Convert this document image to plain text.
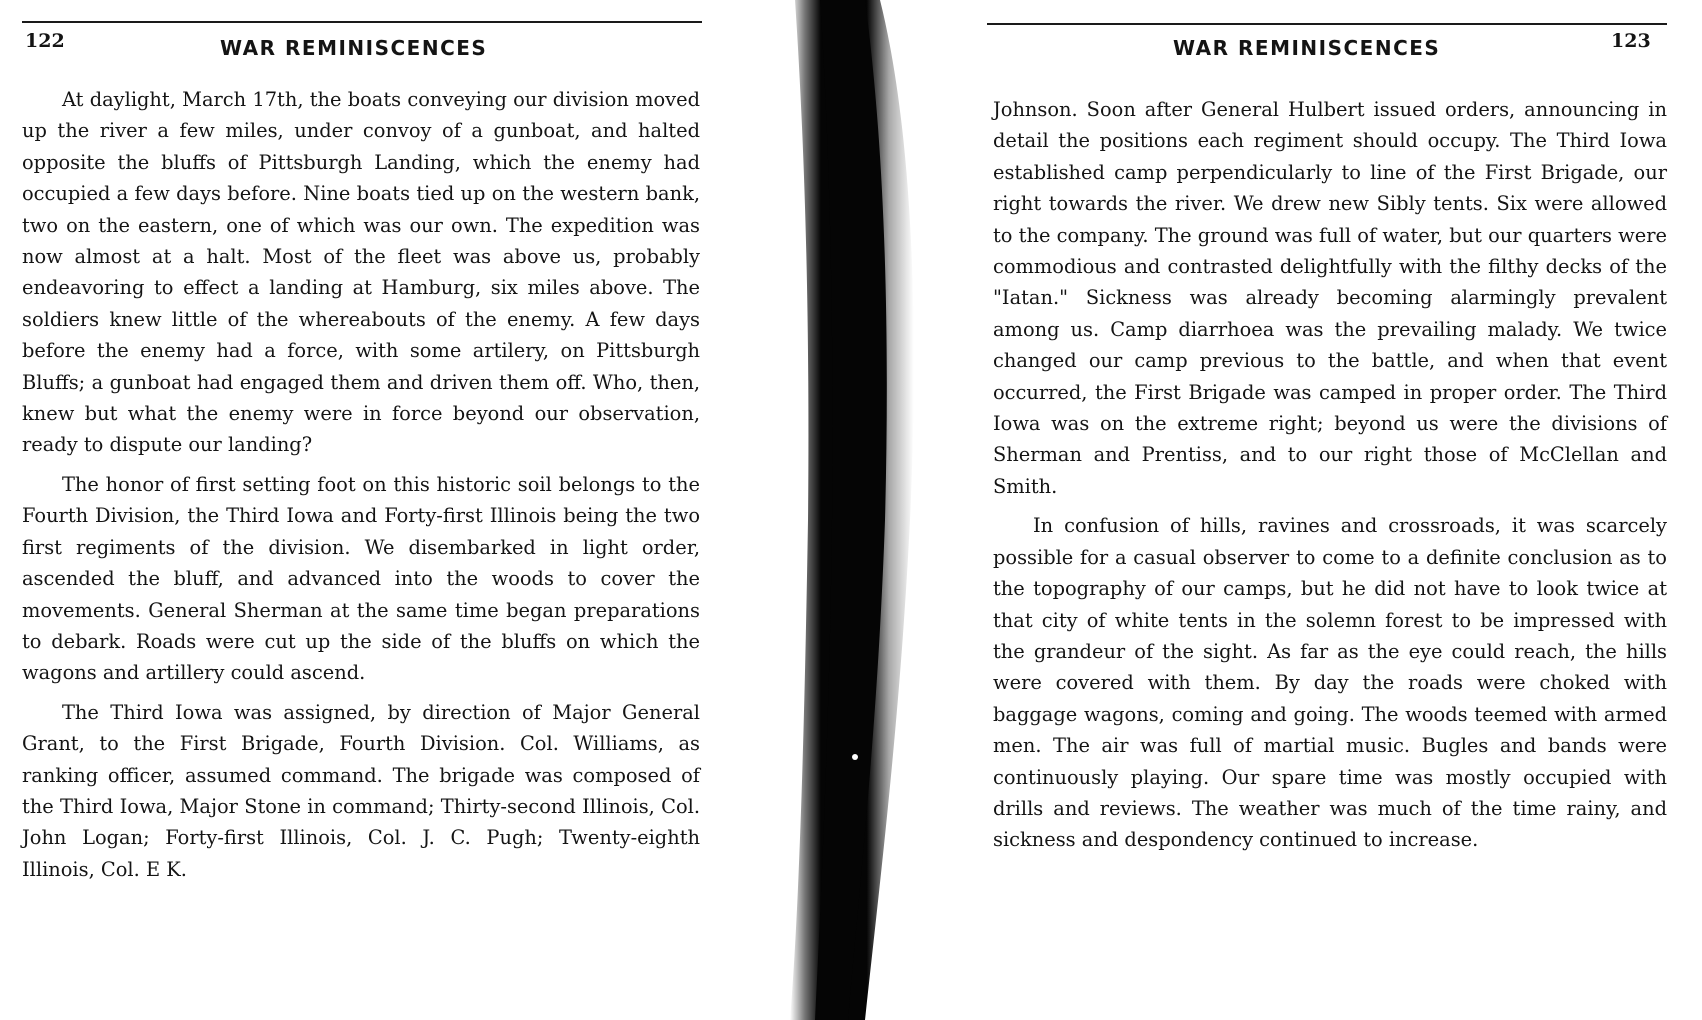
122	WAR REMINISCENCES

At daylight, March 17th, the boats conveying our division moved up the river a few miles, under convoy of a gunboat, and halted opposite the bluffs of Pittsburgh Landing, which the enemy had occupied a few days before. Nine boats tied up on the western bank, two on the eastern, one of which was our own. The expedition was now almost at a halt. Most of the fleet was above us, probably endeavoring to effect a landing at Hamburg, six miles above. The soldiers knew little of the whereabouts of the enemy. A few days before the enemy had a force, with some artilery, on Pittsburgh Bluffs; a gunboat had engaged them and driven them off. Who, then, knew but what the enemy were in force beyond our observation, ready to dispute our landing?

The honor of first setting foot on this historic soil belongs to the Fourth Division, the Third Iowa and Forty-first Illinois being the two first regiments of the division. We disembarked in light order, ascended the bluff, and advanced into the woods to cover the movements. General Sherman at the same time began preparations to debark. Roads were cut up the side of the bluffs on which the wagons and artillery could ascend.

The Third Iowa was assigned, by direction of Major General Grant, to the First Brigade, Fourth Division. Col. Williams, as ranking officer, assumed command. The brigade was composed of the Third Iowa, Major Stone in command; Thirty-second Illinois, Col. John Logan; Forty-first Illinois, Col. J. C. Pugh; Twenty-eighth Illinois, Col. E K.

WAR REMINISCENCES	123

Johnson. Soon after General Hulbert issued orders, announcing in detail the positions each regiment should occupy. The Third Iowa established camp perpendicularly to line of the First Brigade, our right towards the river. We drew new Sibly tents. Six were allowed to the company. The ground was full of water, but our quarters were commodious and contrasted delightfully with the filthy decks of the "Iatan." Sickness was already becoming alarmingly prevalent among us. Camp diarrhoea was the prevailing malady. We twice changed our camp previous to the battle, and when that event occurred, the First Brigade was camped in proper order. The Third Iowa was on the extreme right; beyond us were the divisions of Sherman and Prentiss, and to our right those of McClellan and Smith.

In confusion of hills, ravines and crossroads, it was scarcely possible for a casual observer to come to a definite conclusion as to the topography of our camps, but he did not have to look twice at that city of white tents in the solemn forest to be impressed with the grandeur of the sight. As far as the eye could reach, the hills were covered with them. By day the roads were choked with baggage wagons, coming and going. The woods teemed with armed men. The air was full of martial music. Bugles and bands were continuously playing. Our spare time was mostly occupied with drills and reviews. The weather was much of the time rainy, and sickness and despondency continued to increase.
